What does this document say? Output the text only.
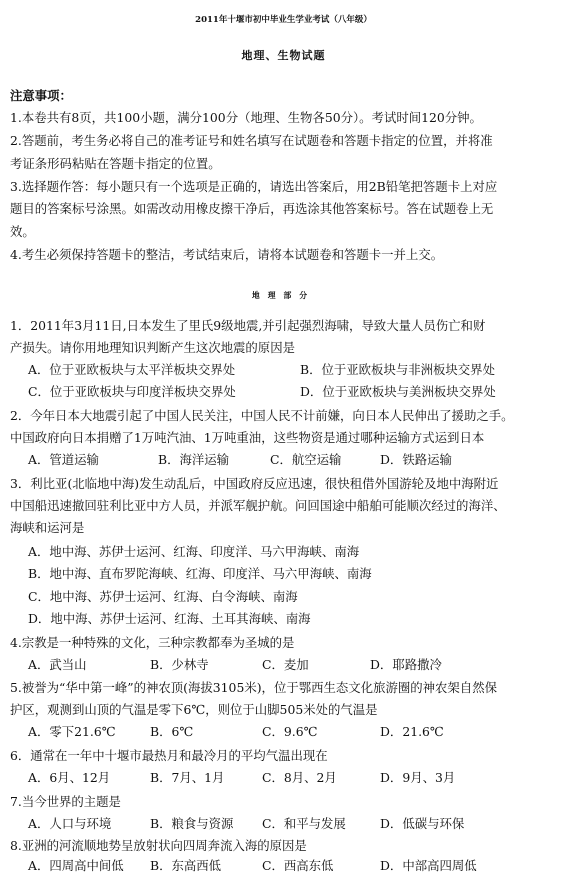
2011年十堰市初中毕业生学业考试（八年级）
地理、生物试题
注意事项：
1.本卷共有8页，共100小题，满分100分（地理、生物各50分）。考试时间120分钟。
2.答题前，考生务必将自己的准考证号和姓名填写在试题卷和答题卡指定的位置，并将准
考证条形码粘贴在答题卡指定的位置。
3.选择题作答：每小题只有一个选项是正确的，请选出答案后，用2B铅笔把答题卡上对应
题目的答案标号涂黑。如需改动用橡皮擦干净后，再选涂其他答案标号。答在试题卷上无
效。
4.考生必须保持答题卡的整洁，考试结束后，请将本试题卷和答题卡一并上交。
地理部分
1．2011年3月11日,日本发生了里氏9级地震,并引起强烈海啸，导致大量人员伤亡和财
产损失。请你用地理知识判断产生这次地震的原因是
A．位于亚欧板块与太平洋板块交界处	B．位于亚欧板块与非洲板块交界处
C．位于亚欧板块与印度洋板块交界处	D．位于亚欧板块与美洲板块交界处
2．今年日本大地震引起了中国人民关注，中国人民不计前嫌，向日本人民伸出了援助之手。
中国政府向日本捐赠了1万吨汽油、1万吨重油，这些物资是通过哪种运输方式运到日本
A．管道运输	B．海洋运输	C．航空运输	D．铁路运输
3．利比亚(北临地中海)发生动乱后，中国政府反应迅速，很快租借外国游轮及地中海附近
中国船迅速撤回驻利比亚中方人员，并派军舰护航。问回国途中船舶可能顺次经过的海洋、
海峡和运河是
A．地中海、苏伊士运河、红海、印度洋、马六甲海峡、南海
B．地中海、直布罗陀海峡、红海、印度洋、马六甲海峡、南海
C．地中海、苏伊士运河、红海、白令海峡、南海
D．地中海、苏伊士运河、红海、土耳其海峡、南海
4.宗教是一种特殊的文化，三种宗教都奉为圣城的是
A．武当山	B．少林寺	C．麦加	D．耶路撒冷
5.被誉为“华中第一峰”的神农顶(海拔3105米)，位于鄂西生态文化旅游圈的神农架自然保
护区，观测到山顶的气温是零下6℃，则位于山脚505米处的气温是
A．零下21.6℃	B．6℃	C．9.6℃	D．21.6℃
6．通常在一年中十堰市最热月和最冷月的平均气温出现在
A．6月、12月	B．7月、1月	C．8月、2月	D．9月、3月
7.当今世界的主题是
A．人口与环境	B．粮食与资源 C．和平与发展	D．低碳与环保
8.亚洲的河流顺地势呈放射状向四周奔流入海的原因是
A．四周高中间低 B．东高西低	C．西高东低	D．中部高四周低
